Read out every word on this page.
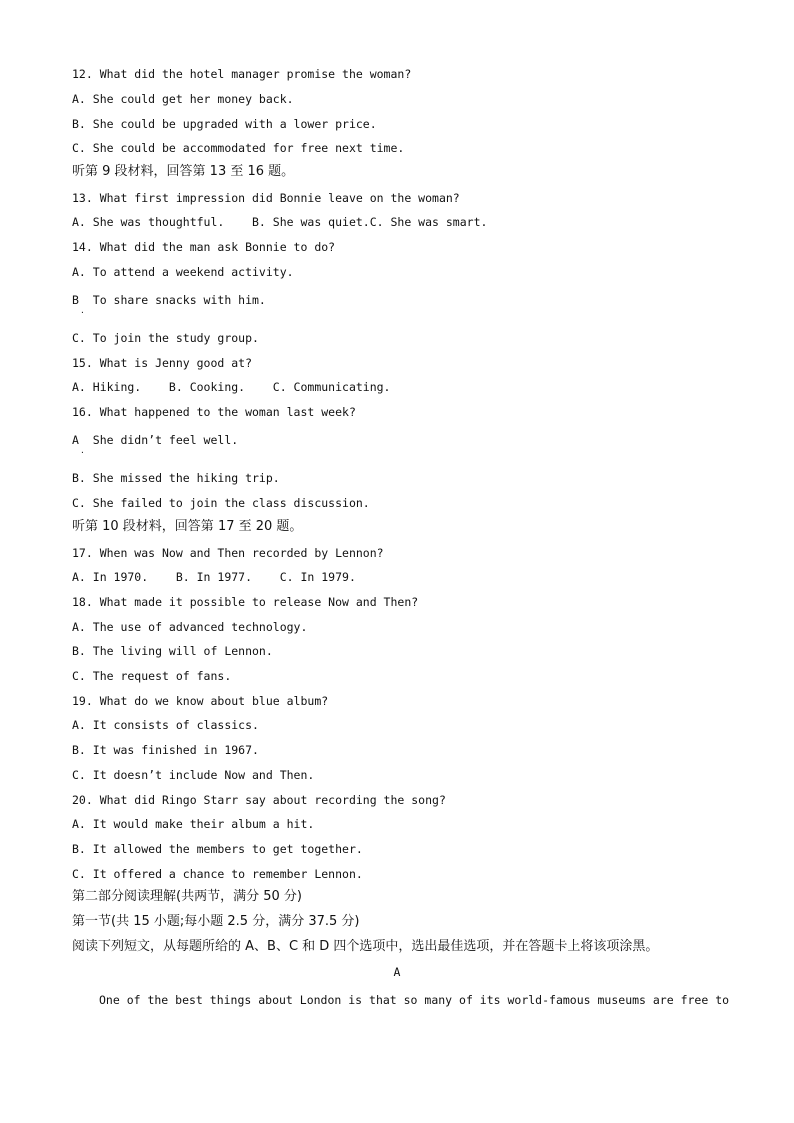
12. What did the hotel manager promise the woman?
A. She could get her money back.
B. She could be upgraded with a lower price.
C. She could be accommodated for free next time.
听第 9 段材料，回答第 13 至 16 题。
13. What first impression did Bonnie leave on the woman?
A. She was thoughtful.    B. She was quiet.C. She was smart.
14. What did the man ask Bonnie to do?
A. To attend a weekend activity.
B  To share snacks with him.
·
C. To join the study group.
15. What is Jenny good at?
A. Hiking.    B. Cooking.    C. Communicating.
16. What happened to the woman last week?
A  She didn’t feel well.
·
B. She missed the hiking trip.
C. She failed to join the class discussion.
听第 10 段材料，回答第 17 至 20 题。
17. When was Now and Then recorded by Lennon?
A. In 1970.    B. In 1977.    C. In 1979.
18. What made it possible to release Now and Then?
A. The use of advanced technology.
B. The living will of Lennon.
C. The request of fans.
19. What do we know about blue album?
A. It consists of classics.
B. It was finished in 1967.
C. It doesn’t include Now and Then.
20. What did Ringo Starr say about recording the song?
A. It would make their album a hit.
B. It allowed the members to get together.
C. It offered a chance to remember Lennon.
第二部分阅读理解(共两节，满分 50 分)
第一节(共 15 小题;每小题 2.5 分，满分 37.5 分)
阅读下列短文，从每题所给的 A、B、C 和 D 四个选项中，选出最佳选项，并在答题卡上将该项涂黑。
A
One of the best things about London is that so many of its world-famous museums are free to
